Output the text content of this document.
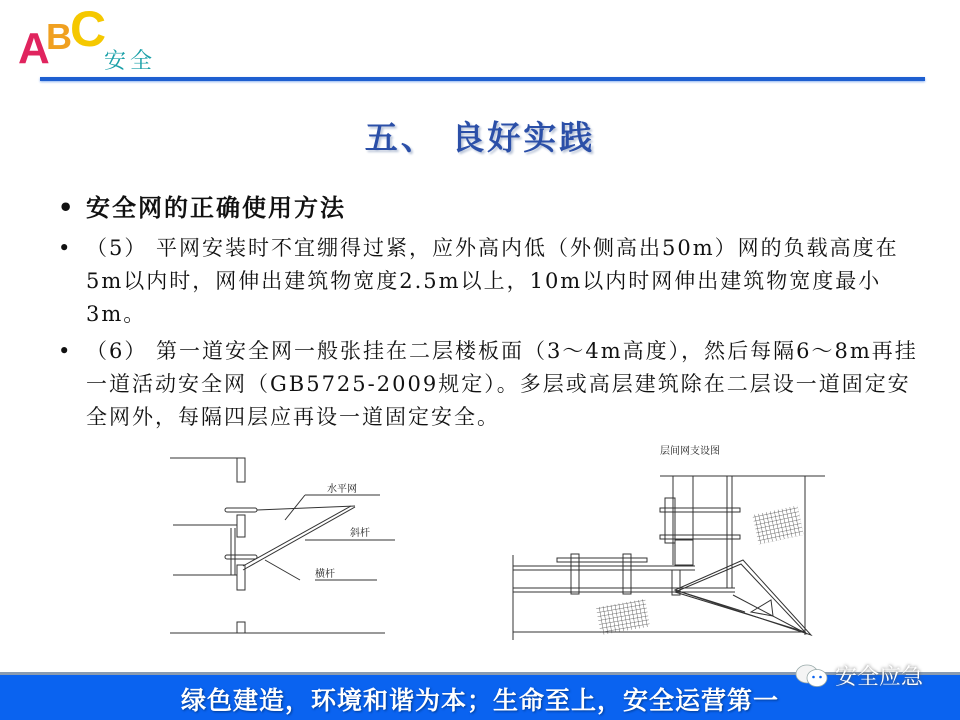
A
B
C
安全
五、 良好实践
• 安全网的正确使用方法
• （5） 平网安装时不宜绷得过紧，应外高内低（外侧高出50m）网的负载高度在5m以内时，网伸出建筑物宽度2.5m以上，10m以内时网伸出建筑物宽度最小3m。
• （6） 第一道安全网一般张挂在二层楼板面（3～4m高度），然后每隔6～8m再挂一道活动安全网（GB5725-2009规定）。多层或高层建筑除在二层设一道固定安全网外，每隔四层应再设一道固定安全。
水平网
斜杆
横杆
层间网支设图
绿色建造，环境和谐为本；生命至上，安全运营第一
安全应急
